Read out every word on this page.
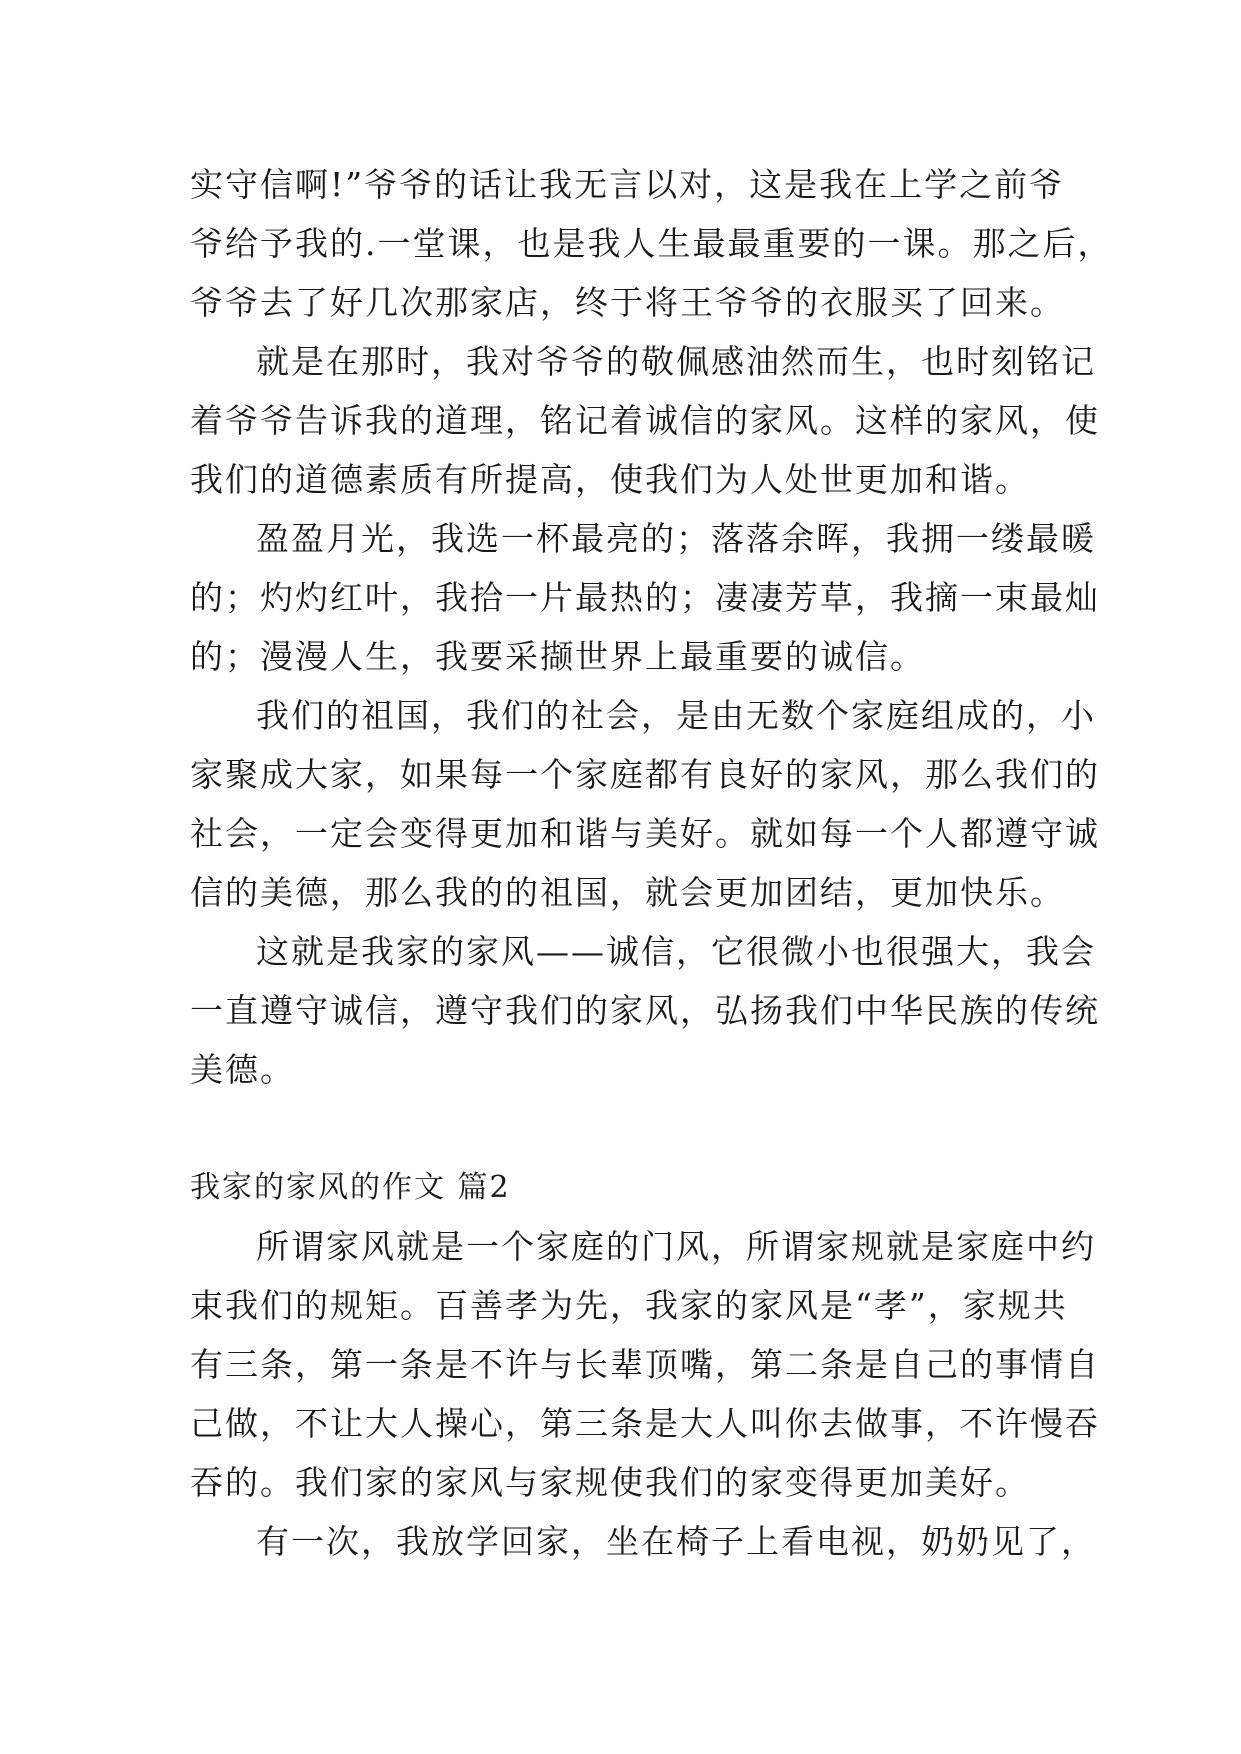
实守信啊!”爷爷的话让我无言以对，这是我在上学之前爷
爷给予我的.一堂课，也是我人生最最重要的一课。那之后，
爷爷去了好几次那家店，终于将王爷爷的衣服买了回来。

就是在那时，我对爷爷的敬佩感油然而生，也时刻铭记
着爷爷告诉我的道理，铭记着诚信的家风。这样的家风，使
我们的道德素质有所提高，使我们为人处世更加和谐。

盈盈月光，我选一杯最亮的；落落余晖，我拥一缕最暖
的；灼灼红叶，我拾一片最热的；凄凄芳草，我摘一束最灿
的；漫漫人生，我要采撷世界上最重要的诚信。

我们的祖国，我们的社会，是由无数个家庭组成的，小
家聚成大家，如果每一个家庭都有良好的家风，那么我们的
社会，一定会变得更加和谐与美好。就如每一个人都遵守诚
信的美德，那么我的的祖国，就会更加团结，更加快乐。

这就是我家的家风——诚信，它很微小也很强大，我会
一直遵守诚信，遵守我们的家风，弘扬我们中华民族的传统
美德。

我家的家风的作文 篇2

所谓家风就是一个家庭的门风，所谓家规就是家庭中约
束我们的规矩。百善孝为先，我家的家风是“孝”，家规共
有三条，第一条是不许与长辈顶嘴，第二条是自己的事情自
己做，不让大人操心，第三条是大人叫你去做事，不许慢吞
吞的。我们家的家风与家规使我们的家变得更加美好。

有一次，我放学回家，坐在椅子上看电视，奶奶见了，
